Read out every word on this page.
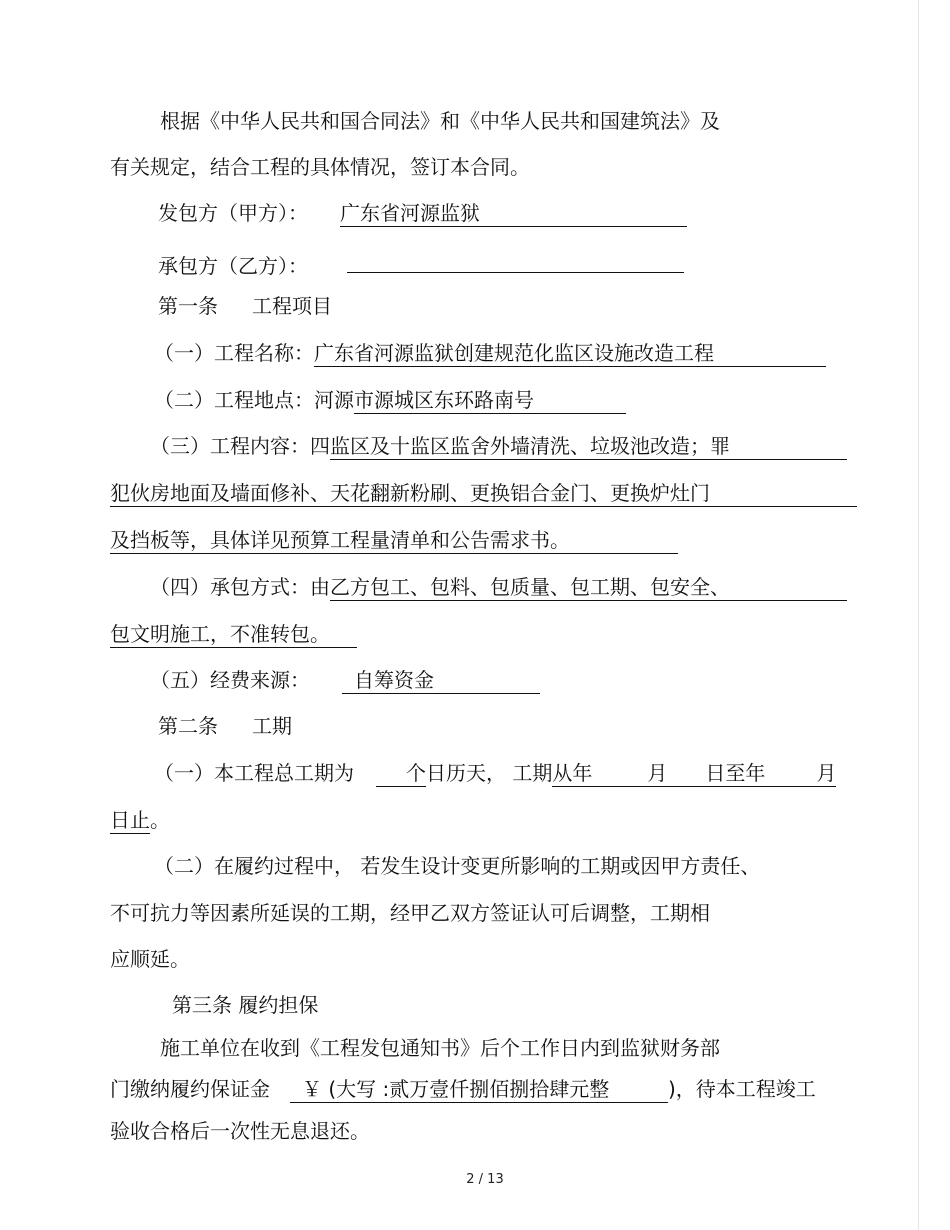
根据《中华人民共和国合同法》和《中华人民共和国建筑法》及
有关规定，结合工程的具体情况，签订本合同。
发包方（甲方）： 广东省河源监狱
承包方（乙方）：
第一条 工程项目
（一）工程名称：广东省河源监狱创建规范化监区设施改造工程
（二）工程地点：河源市源城区东环路南号
（三）工程内容：四监区及十监区监舍外墙清洗、垃圾池改造；罪
犯伙房地面及墙面修补、天花翻新粉刷、更换铝合金门、更换炉灶门
及挡板等，具体详见预算工程量清单和公告需求书。
（四）承包方式：由乙方包工、包料、包质量、包工期、包安全、
包文明施工，不准转包。
（五）经费来源： 自筹资金
第二条 工期
（一）本工程总工期为	个日历天， 工期从年	月 日至年	月
日止。
（二）在履约过程中， 若发生设计变更所影响的工期或因甲方责任、
不可抗力等因素所延误的工期，经甲乙双方签证认可后调整，工期相
应顺延。
第三条 履约担保
施工单位在收到《工程发包通知书》后个工作日内到监狱财务部
门缴纳履约保证金 ￥ (大写 :贰万壹仟捌佰捌拾肆元整	)，待本工程竣工
验收合格后一次性无息退还。
2 / 13
